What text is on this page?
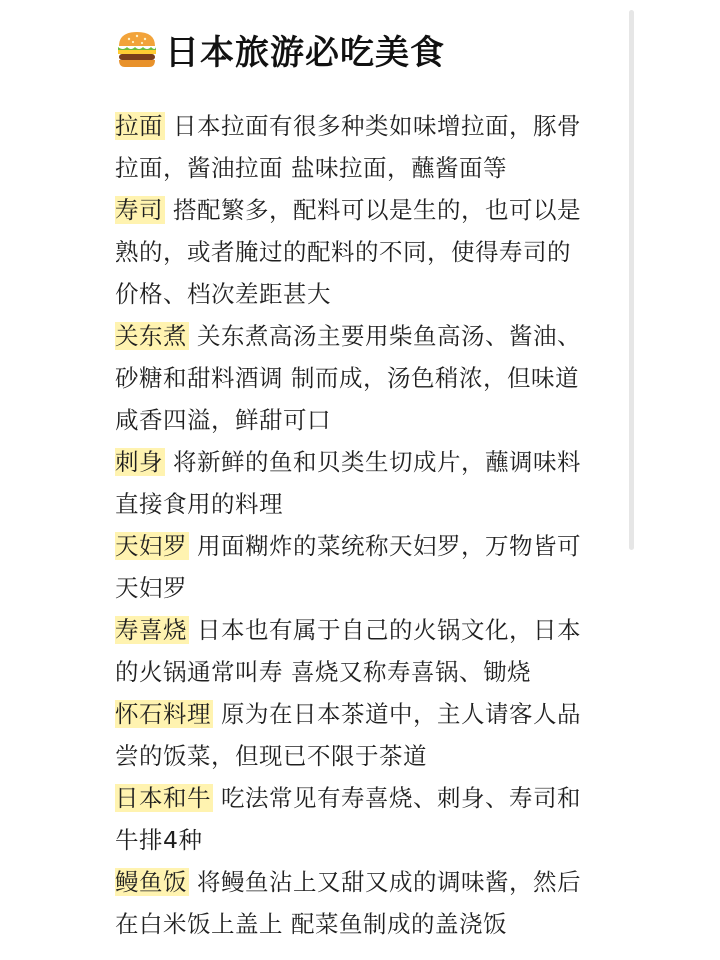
日本旅游必吃美食
拉面 日本拉面有很多种类如味增拉面，豚骨
拉面，酱油拉面 盐味拉面，蘸酱面等
寿司 搭配繁多，配料可以是生的，也可以是
熟的，或者腌过的配料的不同，使得寿司的
价格、档次差距甚大
关东煮 关东煮高汤主要用柴鱼高汤、酱油、
砂糖和甜料酒调 制而成，汤色稍浓，但味道
咸香四溢，鲜甜可口
刺身 将新鲜的鱼和贝类生切成片，蘸调味料
直接食用的料理
天妇罗 用面糊炸的菜统称天妇罗，万物皆可
天妇罗
寿喜烧 日本也有属于自己的火锅文化，日本
的火锅通常叫寿 喜烧又称寿喜锅、锄烧
怀石料理 原为在日本茶道中，主人请客人品
尝的饭菜，但现已不限于茶道
日本和牛 吃法常见有寿喜烧、刺身、寿司和
牛排4种
鳗鱼饭 将鳗鱼沾上又甜又成的调味酱，然后
在白米饭上盖上 配菜鱼制成的盖浇饭
